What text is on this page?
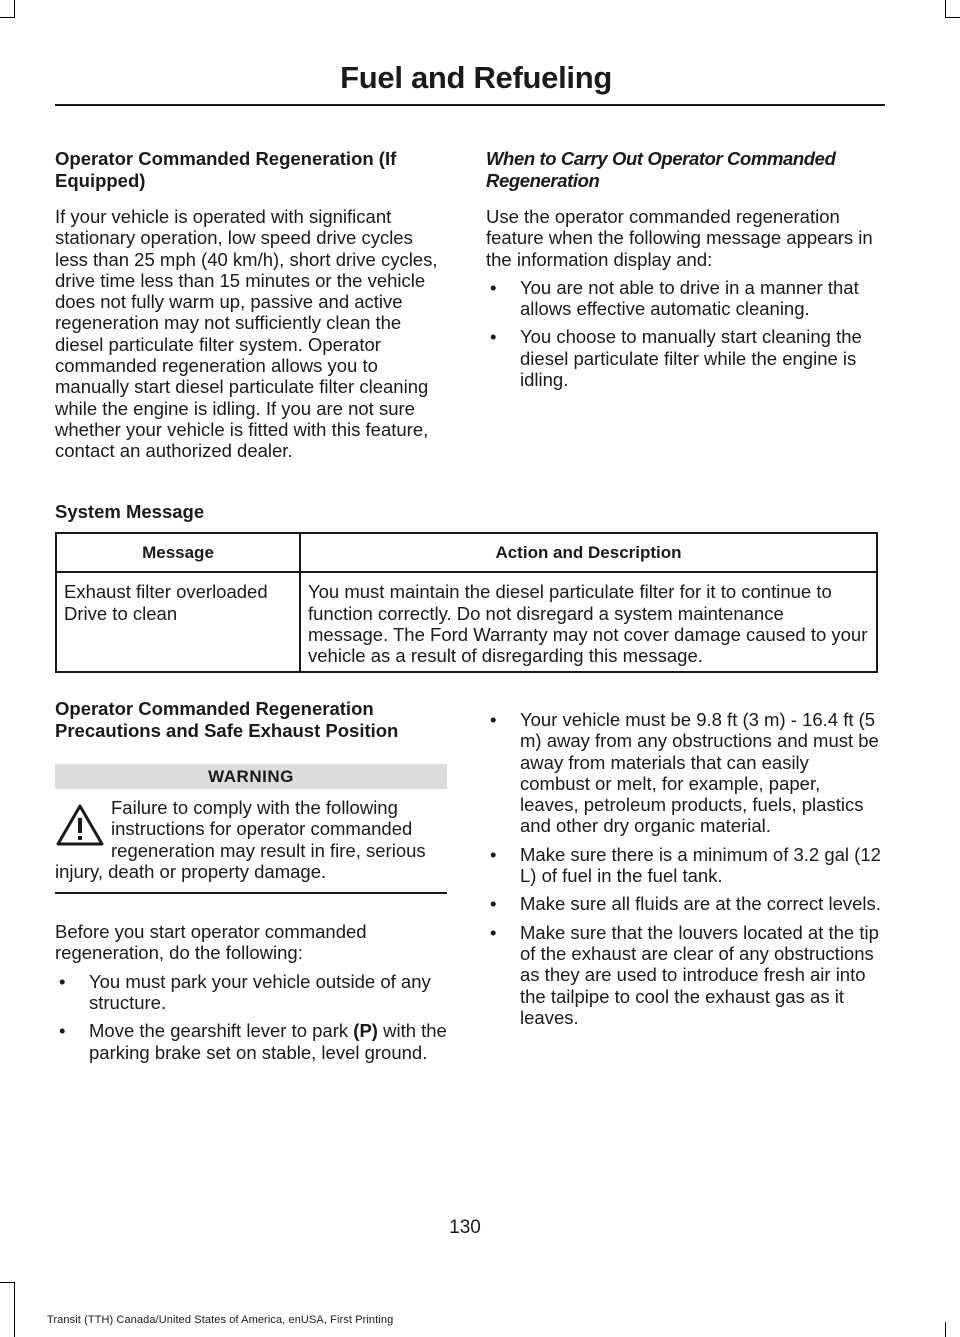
Fuel and Refueling
Operator Commanded Regeneration (If Equipped)

If your vehicle is operated with significant stationary operation, low speed drive cycles less than 25 mph (40 km/h), short drive cycles, drive time less than 15 minutes or the vehicle does not fully warm up, passive and active regeneration may not sufficiently clean the diesel particulate filter system. Operator commanded regeneration allows you to manually start diesel particulate filter cleaning while the engine is idling. If you are not sure whether your vehicle is fitted with this feature, contact an authorized dealer.

When to Carry Out Operator Commanded Regeneration

Use the operator commanded regeneration feature when the following message appears in the information display and:

• You are not able to drive in a manner that allows effective automatic cleaning.
• You choose to manually start cleaning the diesel particulate filter while the engine is idling.
System Message
Message	Action and Description

Exhaust filter overloaded
Drive to clean	You must maintain the diesel particulate filter for it to continue to function correctly. Do not disregard a system maintenance message. The Ford Warranty may not cover damage caused to your vehicle as a result of disregarding this message.
Operator Commanded Regeneration Precautions and Safe Exhaust Position
WARNING
Failure to comply with the following instructions for operator commanded regeneration may result in fire, serious injury, death or property damage.

Before you start operator commanded regeneration, do the following:

• You must park your vehicle outside of any structure.
• Move the gearshift lever to park (P) with the parking brake set on stable, level ground.
• Your vehicle must be 9.8 ft (3 m) - 16.4 ft (5 m) away from any obstructions and must be away from materials that can easily combust or melt, for example, paper, leaves, petroleum products, fuels, plastics and other dry organic material.
• Make sure there is a minimum of 3.2 gal (12 L) of fuel in the fuel tank.
• Make sure all fluids are at the correct levels.
• Make sure that the louvers located at the tip of the exhaust are clear of any obstructions as they are used to introduce fresh air into the tailpipe to cool the exhaust gas as it leaves.
130
Transit (TTH) Canada/United States of America, enUSA, First Printing
